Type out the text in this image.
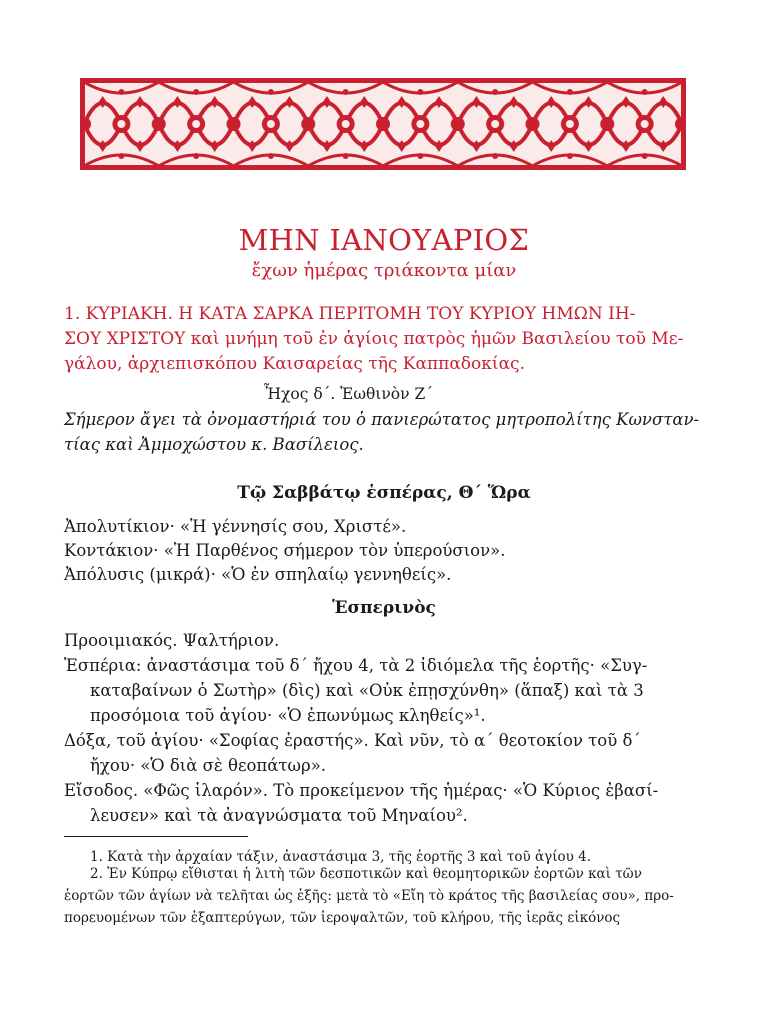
ΜΗΝ ΙΑΝΟΥΑΡΙΟΣ
ἔχων ἡμέρας τριάκοντα μίαν
1. ΚΥΡΙΑΚΗ. Η ΚΑΤΑ ΣΑΡΚΑ ΠΕΡΙΤΟΜΗ ΤΟΥ ΚΥΡΙΟΥ ΗΜΩΝ ΙΗ-
ΣΟΥ ΧΡΙΣΤΟΥ καὶ μνήμη τοῦ ἐν ἁγίοις πατρὸς ἡμῶν Βασιλείου τοῦ Με-
γάλου, ἀρχιεπισκόπου Καισαρείας τῆς Καππαδοκίας.
Ἦχος δ΄. Ἑωθινὸν Ζ΄
Σήμερον ἄγει τὰ ὀνομαστήριά του ὁ πανιερώτατος μητροπολίτης Κωνσταν-
τίας καὶ Ἀμμοχώστου κ. Βασίλειος.
Τῷ Σαββάτῳ ἑσπέρας, Θ΄ Ὥρα
Ἀπολυτίκιον· «Ἡ γέννησίς σου, Χριστέ».
Κοντάκιον· «Ἡ Παρθένος σήμερον τὸν ὑπερούσιον».
Ἀπόλυσις (μικρά)· «Ὁ ἐν σπηλαίῳ γεννηθείς».
Ἑσπερινὸς
Προοιμιακός. Ψαλτήριον.
Ἑσπέρια: ἀναστάσιμα τοῦ δ΄ ἤχου 4, τὰ 2 ἰδιόμελα τῆς ἑορτῆς· «Συγ-
καταβαίνων ὁ Σωτὴρ» (δὶς) καὶ «Οὐκ ἐπῃσχύνθη» (ἅπαξ) καὶ τὰ 3
προσόμοια τοῦ ἁγίου· «Ὁ ἐπωνύμως κληθείς»¹.
Δόξα, τοῦ ἁγίου· «Σοφίας ἐραστής». Καὶ νῦν, τὸ α΄ θεοτοκίον τοῦ δ΄
ἤχου· «Ὁ διὰ σὲ θεοπάτωρ».
Εἴσοδος. «Φῶς ἱλαρόν». Τὸ προκείμενον τῆς ἡμέρας· «Ὁ Κύριος ἐβασί-
λευσεν» καὶ τὰ ἀναγνώσματα τοῦ Μηναίου².
1. Κατὰ τὴν ἀρχαίαν τάξιν, ἀναστάσιμα 3, τῆς ἑορτῆς 3 καὶ τοῦ ἁγίου 4.
2. Ἐν Κύπρῳ εἴθισται ἡ λιτὴ τῶν δεσποτικῶν καὶ θεομητορικῶν ἑορτῶν καὶ τῶν
ἑορτῶν τῶν ἁγίων νὰ τελῆται ὡς ἑξῆς: μετὰ τὸ «Εἴη τὸ κράτος τῆς βασιλείας σου», προ-
πορευομένων τῶν ἑξαπτερύγων, τῶν ἱεροψαλτῶν, τοῦ κλήρου, τῆς ἱερᾶς εἰκόνος
